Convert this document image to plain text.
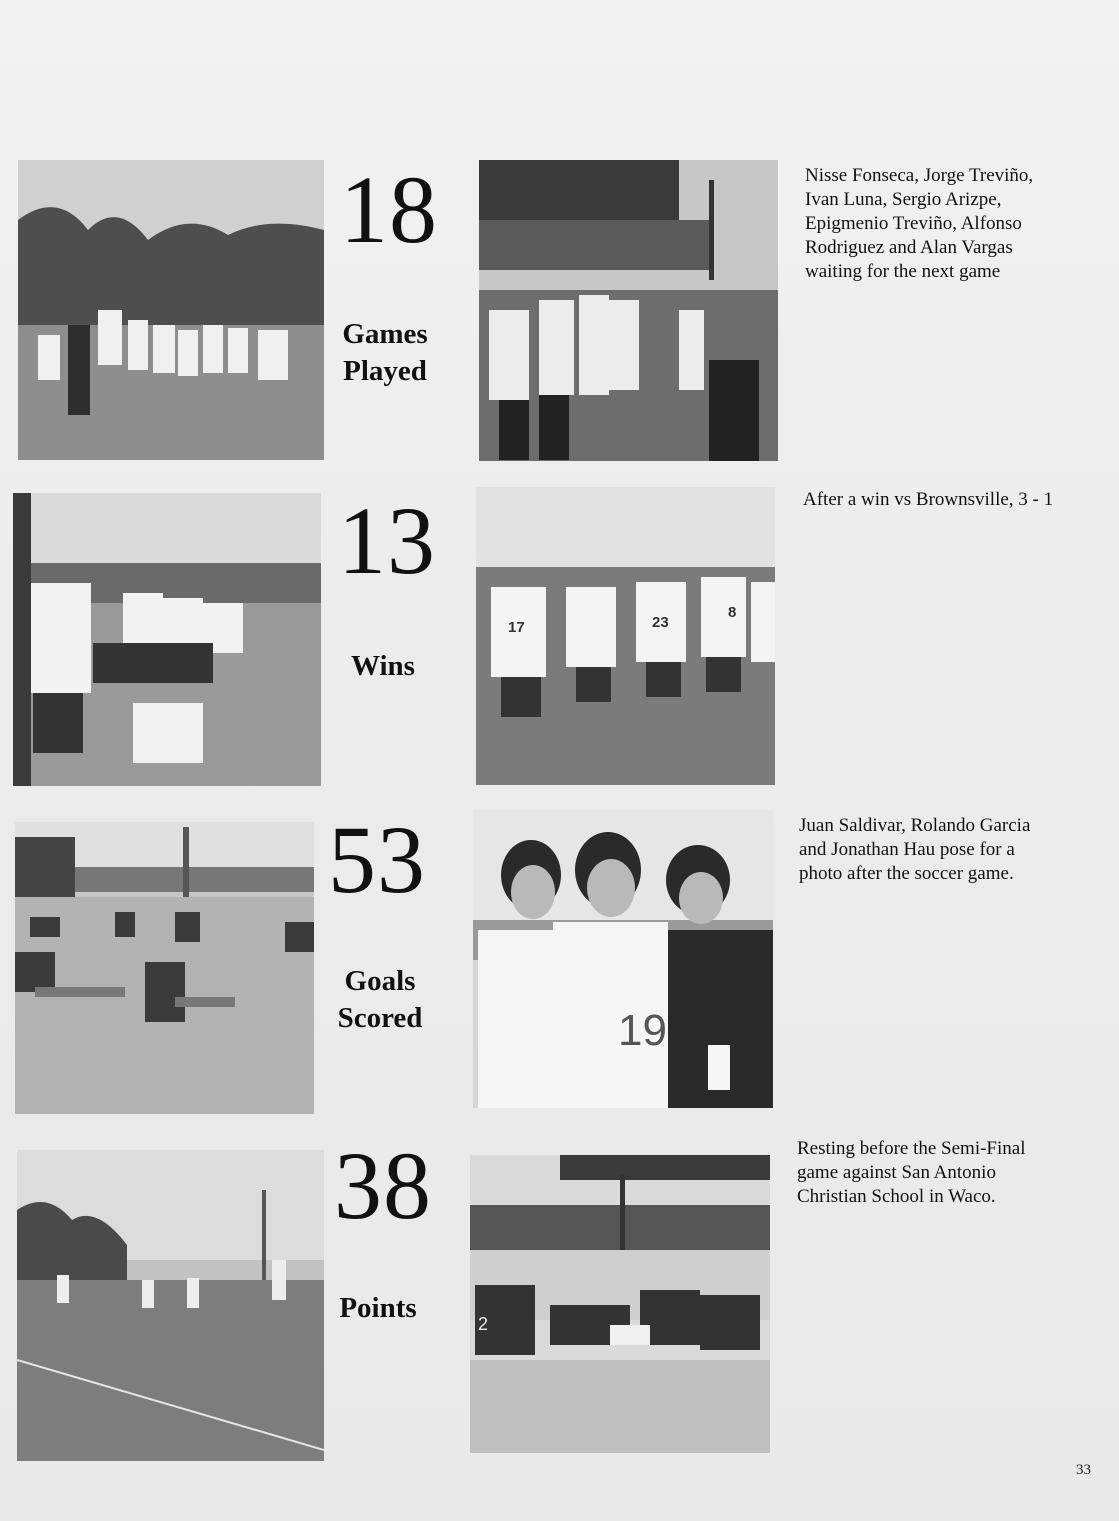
18
Games
Played
Nisse Fonseca, Jorge Treviño,
Ivan Luna, Sergio Arizpe,
Epigmenio Treviño, Alfonso
Rodriguez and Alan Vargas
waiting for the next game
13
Wins
17	23
8
After a win vs Brownsville, 3 - 1
53
Goals
Scored	19
Juan Saldivar, Rolando Garcia
and Jonathan Hau pose for a
photo after the soccer game.
38
Points	2
Resting before the Semi-Final
game against San Antonio
Christian School in Waco.
33
